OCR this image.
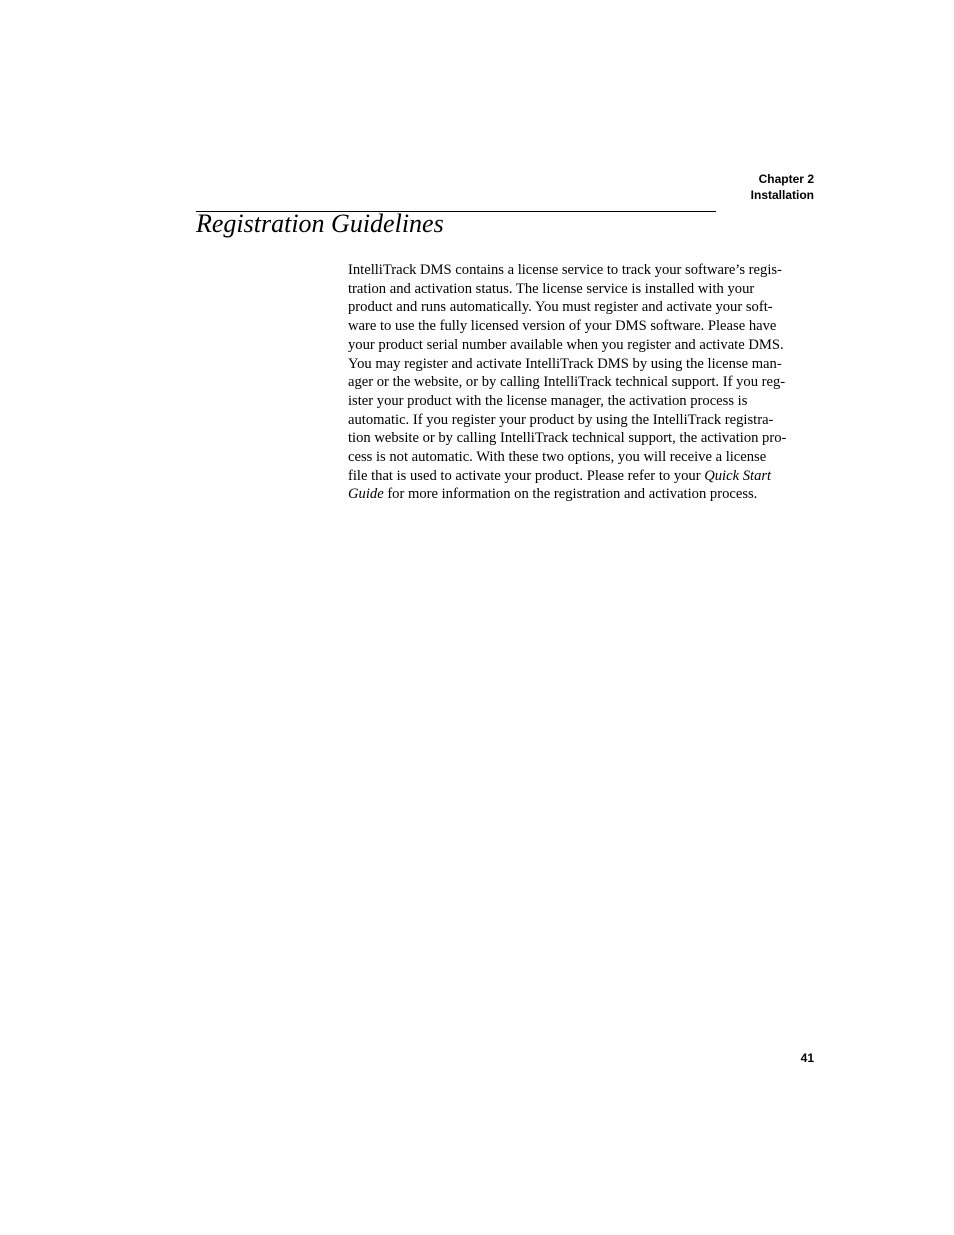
Chapter 2
Installation
Registration Guidelines

IntelliTrack DMS contains a license service to track your software’s regis-
tration and activation status. The license service is installed with your
product and runs automatically. You must register and activate your soft-
ware to use the fully licensed version of your DMS software. Please have
your product serial number available when you register and activate DMS.
You may register and activate IntelliTrack DMS by using the license man-
ager or the website, or by calling IntelliTrack technical support. If you reg-
ister your product with the license manager, the activation process is
automatic. If you register your product by using the IntelliTrack registra-
tion website or by calling IntelliTrack technical support, the activation pro-
cess is not automatic. With these two options, you will receive a license
file that is used to activate your product. Please refer to your Quick Start
Guide for more information on the registration and activation process.

41
